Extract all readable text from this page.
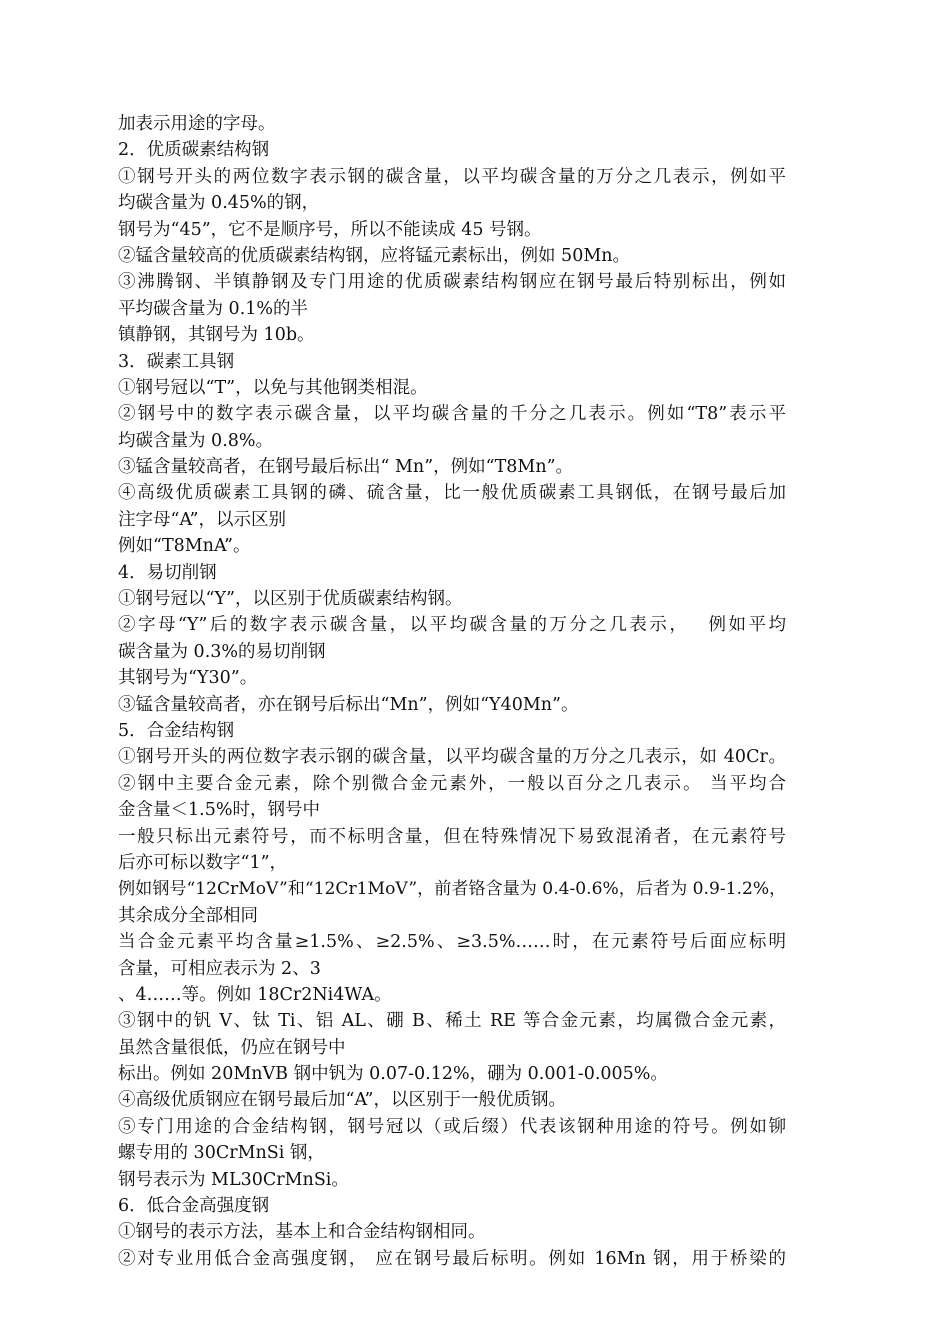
加表示用途的字母。
2．优质碳素结构钢
①钢号开头的两位数字表示钢的碳含量，以平均碳含量的万分之几表示，例如平
均碳含量为 0.45%的钢，
钢号为“45”，它不是顺序号，所以不能读成 45 号钢。
②锰含量较高的优质碳素结构钢，应将锰元素标出，例如 50Mn。
③沸腾钢、半镇静钢及专门用途的优质碳素结构钢应在钢号最后特别标出，例如
平均碳含量为 0.1%的半
镇静钢，其钢号为 10b。
3．碳素工具钢
①钢号冠以“T”，以免与其他钢类相混。
②钢号中的数字表示碳含量，以平均碳含量的千分之几表示。例如“T8”表示平
均碳含量为 0.8%。
③锰含量较高者，在钢号最后标出“ Mn”，例如“T8Mn”。
④高级优质碳素工具钢的磷、硫含量，比一般优质碳素工具钢低，在钢号最后加
注字母“A”，以示区别
例如“T8MnA”。
4．易切削钢
①钢号冠以“Y”，以区别于优质碳素结构钢。
②字母“Y”后的数字表示碳含量，以平均碳含量的万分之几表示，　 例如平均
碳含量为 0.3%的易切削钢
其钢号为“Y30”。
③锰含量较高者，亦在钢号后标出“Mn”，例如“Y40Mn”。
5．合金结构钢
①钢号开头的两位数字表示钢的碳含量，以平均碳含量的万分之几表示，如 40Cr。
②钢中主要合金元素，除个别微合金元素外，一般以百分之几表示。 当平均合
金含量＜1.5%时，钢号中
一般只标出元素符号，而不标明含量，但在特殊情况下易致混淆者，在元素符号
后亦可标以数字“1”，
例如钢号“12CrMoV”和“12Cr1MoV”，前者铬含量为 0.4-0.6%，后者为 0.9-1.2%，
其余成分全部相同
当合金元素平均含量≥1.5%、≥2.5%、≥3.5%……时，在元素符号后面应标明
含量，可相应表示为 2、3
、4……等。例如 18Cr2Ni4WA。
③钢中的钒 V、钛 Ti、铝 AL、硼 B、稀土 RE 等合金元素，均属微合金元素，
虽然含量很低，仍应在钢号中
标出。例如 20MnVB 钢中钒为 0.07-0.12%，硼为 0.001-0.005%。
④高级优质钢应在钢号最后加“A”，以区别于一般优质钢。
⑤专门用途的合金结构钢，钢号冠以（或后缀）代表该钢种用途的符号。例如铆
螺专用的 30CrMnSi 钢，
钢号表示为 ML30CrMnSi。
6．低合金高强度钢
①钢号的表示方法，基本上和合金结构钢相同。
②对专业用低合金高强度钢， 应在钢号最后标明。例如 16Mn 钢，用于桥梁的
